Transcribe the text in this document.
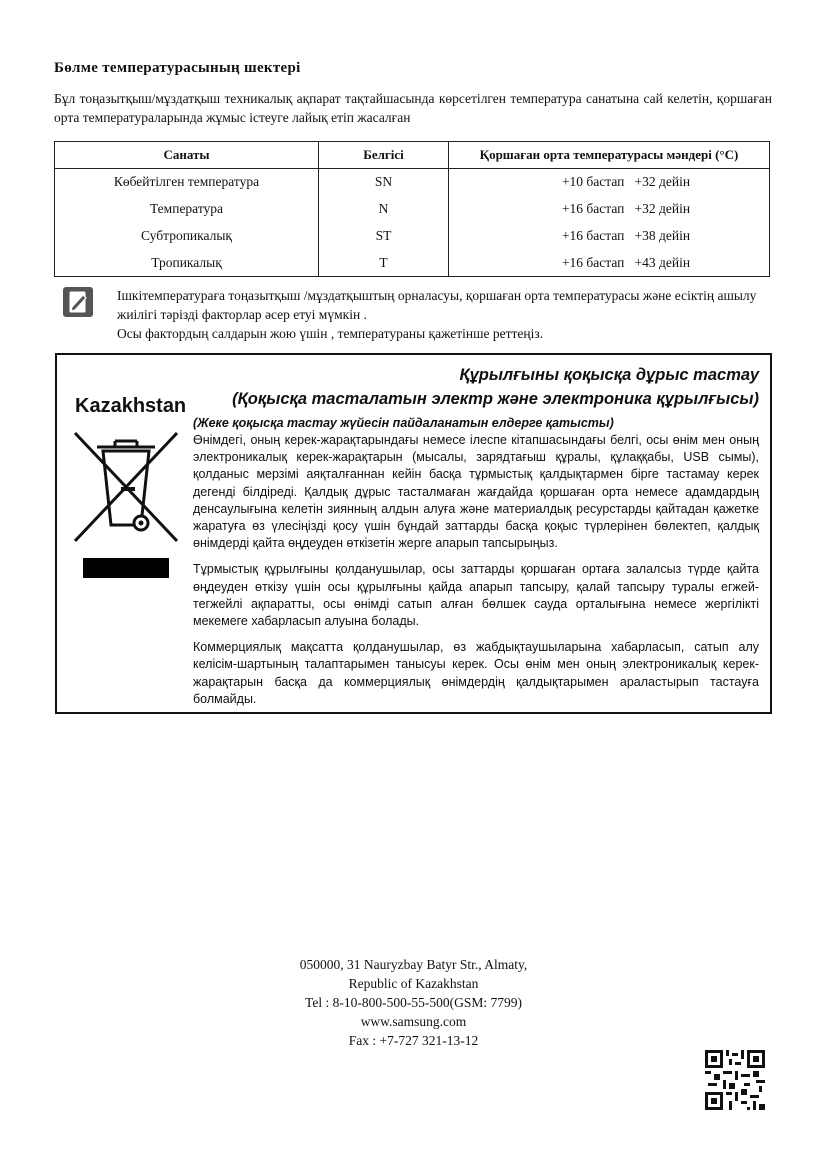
Бөлме температурасының шектері
Бұл тоңазытқыш/мұздатқыш техникалық ақпарат тақтайшасында көрсетілген температура санатына сай келетін, қоршаған орта температураларында жұмыс істеугe лайық етіп жасалған
Санаты	Белгісі	Қоршаған орта температурасы мәндері (°C)
Көбейтілген температура	SN	+10 бастап   +32 дейін
Температура	N	+16 бастап   +32 дейін
Субтропикалық	ST	+16 бастап   +38 дейін
Тропикалық	T	+16 бастап   +43 дейін

Ішкітемпературағa тоңазытқыш /мұздатқыштың орналасуы, қоршаған орта температурасы және есіктің ашылу жиілігі тәрізді факторлар әсер етуі мүмкін .

Осы фактордың салдарын жою үшін , температураны қажетінше реттеңіз.

Kazakhstan
Құрылғыны қоқысқа дұрыс тастау
(Қоқысқа тасталатын электр және электроника құрылғысы)
(Жеке қоқысқа тастау жүйесін пайдаланатын елдерге қатысты)
Өнімдегі, оның керек-жарақтарындағы немесе ілеспе кітапшасындағы белгі, осы өнім мен оның электроникалық керек-жарақтарын (мысалы, зарядтағыш құралы, құлаққабы, USB сымы), қолданыс мерзімі аяқталғаннан кейін басқа тұрмыстық қалдықтармен бірге тастамау керек дегенді білдіреді. Қалдық дұрыс тасталмаған жағдайда қоршаған орта немесе адамдардың денсаулығына келетін зиянның алдын алуға және материалдық ресурстарды қайтадан қажетке жаратуға өз үлесіңізді қосу үшін бұндай заттарды басқа қоқыс түрлерінен бөлектеп, қалдық өнімдерді қайта өңдеуден өткізетін жерге апарып тапсырыңыз.
Тұрмыстық құрылғыны қолданушылар, осы заттарды қоршаған ортаға залалсыз түрде қайта өңдеуден өткізу үшін осы құрылғыны қайда апарып тапсыру, қалай тапсыру туралы егжей-тегжейлі ақпаратты, осы өнімді сатып алған бөлшек сауда орталығына немесе жергілікті мекемеге хабарласып алуына болады.
Коммерциялық мақсатта қолданушылар, өз жабдықтаушыларына хабарласып, сатып алу келісім-шартының талаптарымен танысуы керек. Осы өнім мен оның электроникалық керек-жарақтарын басқа да коммерциялық өнімдердің қалдықтарымен араластырып тастауға болмайды.
050000, 31 Nauryzbay Batyr Str., Almaty,
Republic of Kazakhstan
Tel : 8-10-800-500-55-500(GSM: 7799)
www.samsung.com
Fax : +7-727 321-13-12
